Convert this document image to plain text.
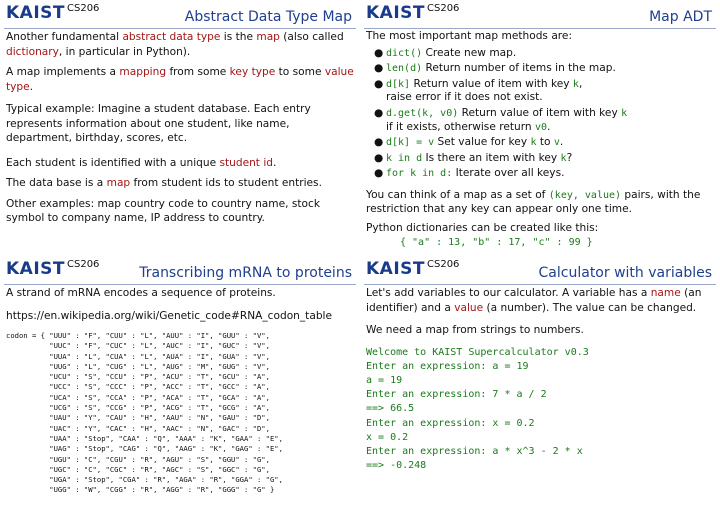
KAIST CS206
Abstract Data Type Map

Another fundamental abstract data type is the map (also called dictionary, in particular in Python).

A map implements a mapping from some key type to some value type.

Typical example: Imagine a student database. Each entry represents information about one student, like name, department, birthday, scores, etc.

Each student is identified with a unique student id.

The data base is a map from student ids to student entries.

Other examples: map country code to country name, stock symbol to company name, IP address to country.

KAIST CS206
Map ADT

The most important map methods are:

● dict() Create new map.
● len(d) Return number of items in the map.
● d[k] Return value of item with key k,
raise error if it does not exist.
● d.get(k, v0) Return value of item with key k
if it exists, otherwise return v0.
● d[k] = v Set value for key k to v.
● k in d Is there an item with key k?
● for k in d: Iterate over all keys.

You can think of a map as a set of (key, value) pairs, with the restriction that any key can appear only one time.

Python dictionaries can be created like this:

{ "a" : 13, "b" : 17, "c" : 99 }
KAIST CS206
Transcribing mRNA to proteins

A strand of mRNA encodes a sequence of proteins.

https://en.wikipedia.org/wiki/Genetic_code#RNA_codon_table

codon = { "UUU" : "F", "CUU" : "L", "AUU" : "I", "GUU" : "V",
"UUC" : "F", "CUC" : "L", "AUC" : "I", "GUC" : "V",
"UUA" : "L", "CUA" : "L", "AUA" : "I", "GUA" : "V",
"UUG" : "L", "CUG" : "L", "AUG" : "M", "GUG" : "V",
"UCU" : "S", "CCU" : "P", "ACU" : "T", "GCU" : "A",
"UCC" : "S", "CCC" : "P", "ACC" : "T", "GCC" : "A",
"UCA" : "S", "CCA" : "P", "ACA" : "T", "GCA" : "A",
"UCG" : "S", "CCG" : "P", "ACG" : "T", "GCG" : "A",
"UAU" : "Y", "CAU" : "H", "AAU" : "N", "GAU" : "D",
"UAC" : "Y", "CAC" : "H", "AAC" : "N", "GAC" : "D",
"UAA" : "Stop", "CAA" : "Q", "AAA" : "K", "GAA" : "E",
"UAG" : "Stop", "CAG" : "Q", "AAG" : "K", "GAG" : "E",
"UGU" : "C", "CGU" : "R", "AGU" : "S", "GGU" : "G",
"UGC" : "C", "CGC" : "R", "AGC" : "S", "GGC" : "G",
"UGA" : "Stop", "CGA" : "R", "AGA" : "R", "GGA" : "G",
"UGG" : "W", "CGG" : "R", "AGG" : "R", "GGG" : "G" }
KAIST CS206
Calculator with variables

Let's add variables to our calculator. A variable has a name (an identifier) and a value (a number). The value can be changed.

We need a map from strings to numbers.

Welcome to KAIST Supercalculator v0.3
Enter an expression: a = 19
a = 19
Enter an expression: 7 * a / 2
==> 66.5
Enter an expression: x = 0.2
x = 0.2
Enter an expression: a * x^3 - 2 * x
==> -0.248
